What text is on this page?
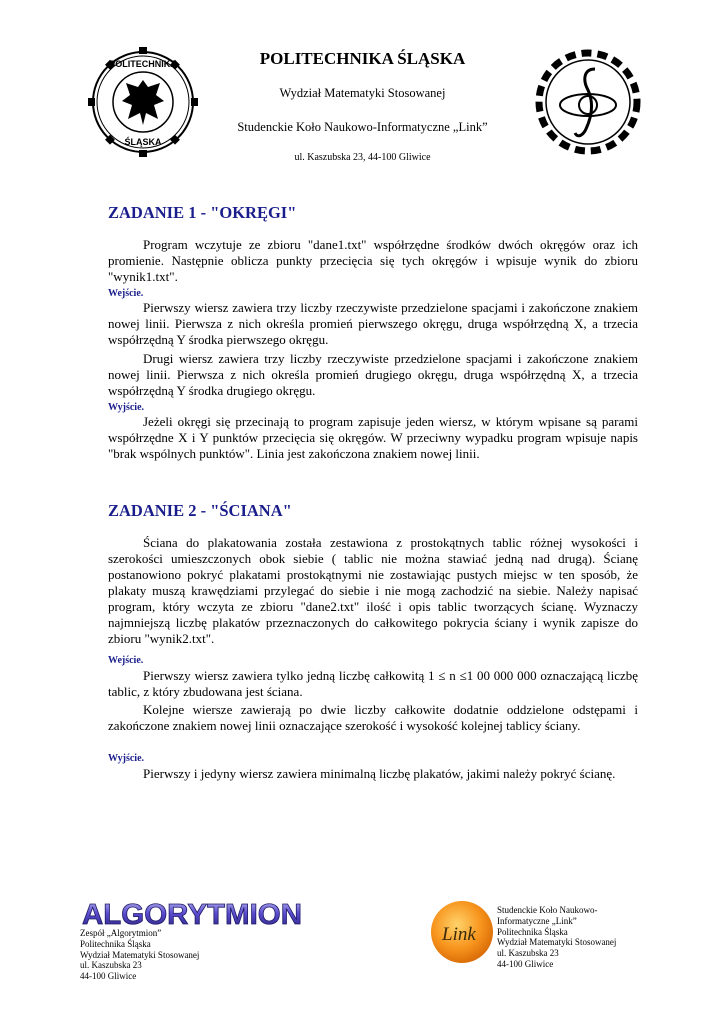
POLITECHNIKA
ŚLĄSKA
POLITECHNIKA ŚLĄSKA
Wydział Matematyki Stosowanej
Studenckie Koło Naukowo-Informatyczne „Link”
ul. Kaszubska 23, 44-100 Gliwice
ZADANIE 1 - "OKRĘGI"

Program wczytuje ze zbioru "dane1.txt" współrzędne środków dwóch okręgów oraz ich promienie. Następnie oblicza punkty przecięcia się tych okręgów i wpisuje wynik do zbioru "wynik1.txt".

Wejście.

Pierwszy wiersz zawiera trzy liczby rzeczywiste przedzielone spacjami i zakończone znakiem nowej linii. Pierwsza z nich określa promień pierwszego okręgu, druga współrzędną X, a trzecia współrzędną Y środka pierwszego okręgu.

Drugi wiersz zawiera trzy liczby rzeczywiste przedzielone spacjami i zakończone znakiem nowej linii. Pierwsza z nich określa promień drugiego okręgu, druga współrzędną X, a trzecia współrzędną Y środka drugiego okręgu.

Wyjście.

Jeżeli okręgi się przecinają to program zapisuje jeden wiersz, w którym wpisane są parami współrzędne X i Y punktów przecięcia się okręgów. W przeciwny wypadku program wpisuje napis "brak wspólnych punktów". Linia jest zakończona znakiem nowej linii.

ZADANIE 2 - "ŚCIANA"

Ściana do plakatowania została zestawiona z prostokątnych tablic różnej wysokości i szerokości umieszczonych obok siebie ( tablic nie można stawiać jedną nad drugą). Ścianę postanowiono pokryć plakatami prostokątnymi nie zostawiając pustych miejsc w ten sposób, że plakaty muszą krawędziami przylegać do siebie i nie mogą zachodzić na siebie. Należy napisać program, który wczyta ze zbioru "dane2.txt" ilość i opis tablic tworzących ścianę. Wyznaczy najmniejszą liczbę plakatów przeznaczonych do całkowitego pokrycia ściany i wynik zapisze do zbioru "wynik2.txt".

Wejście.

Pierwszy wiersz zawiera tylko jedną liczbę całkowitą 1 ≤ n ≤1 00 000 000 oznaczającą liczbę tablic, z który zbudowana jest ściana.

Kolejne wiersze zawierają po dwie liczby całkowite dodatnie oddzielone odstępami i zakończone znakiem nowej linii oznaczające szerokość i wysokość kolejnej tablicy ściany.

Wyjście.

Pierwszy i jedyny wiersz zawiera minimalną liczbę plakatów, jakimi należy pokryć ścianę.

ALGORYTMION
Zespół „Algorytmion”
Politechnika Śląska
Wydział Matematyki Stosowanej
ul. Kaszubska 23
44-100 Gliwice
Link
Studenckie Koło Naukowo-
Informatyczne „Link”
Politechnika Śląska
Wydział Matematyki Stosowanej
ul. Kaszubska 23
44-100 Gliwice
